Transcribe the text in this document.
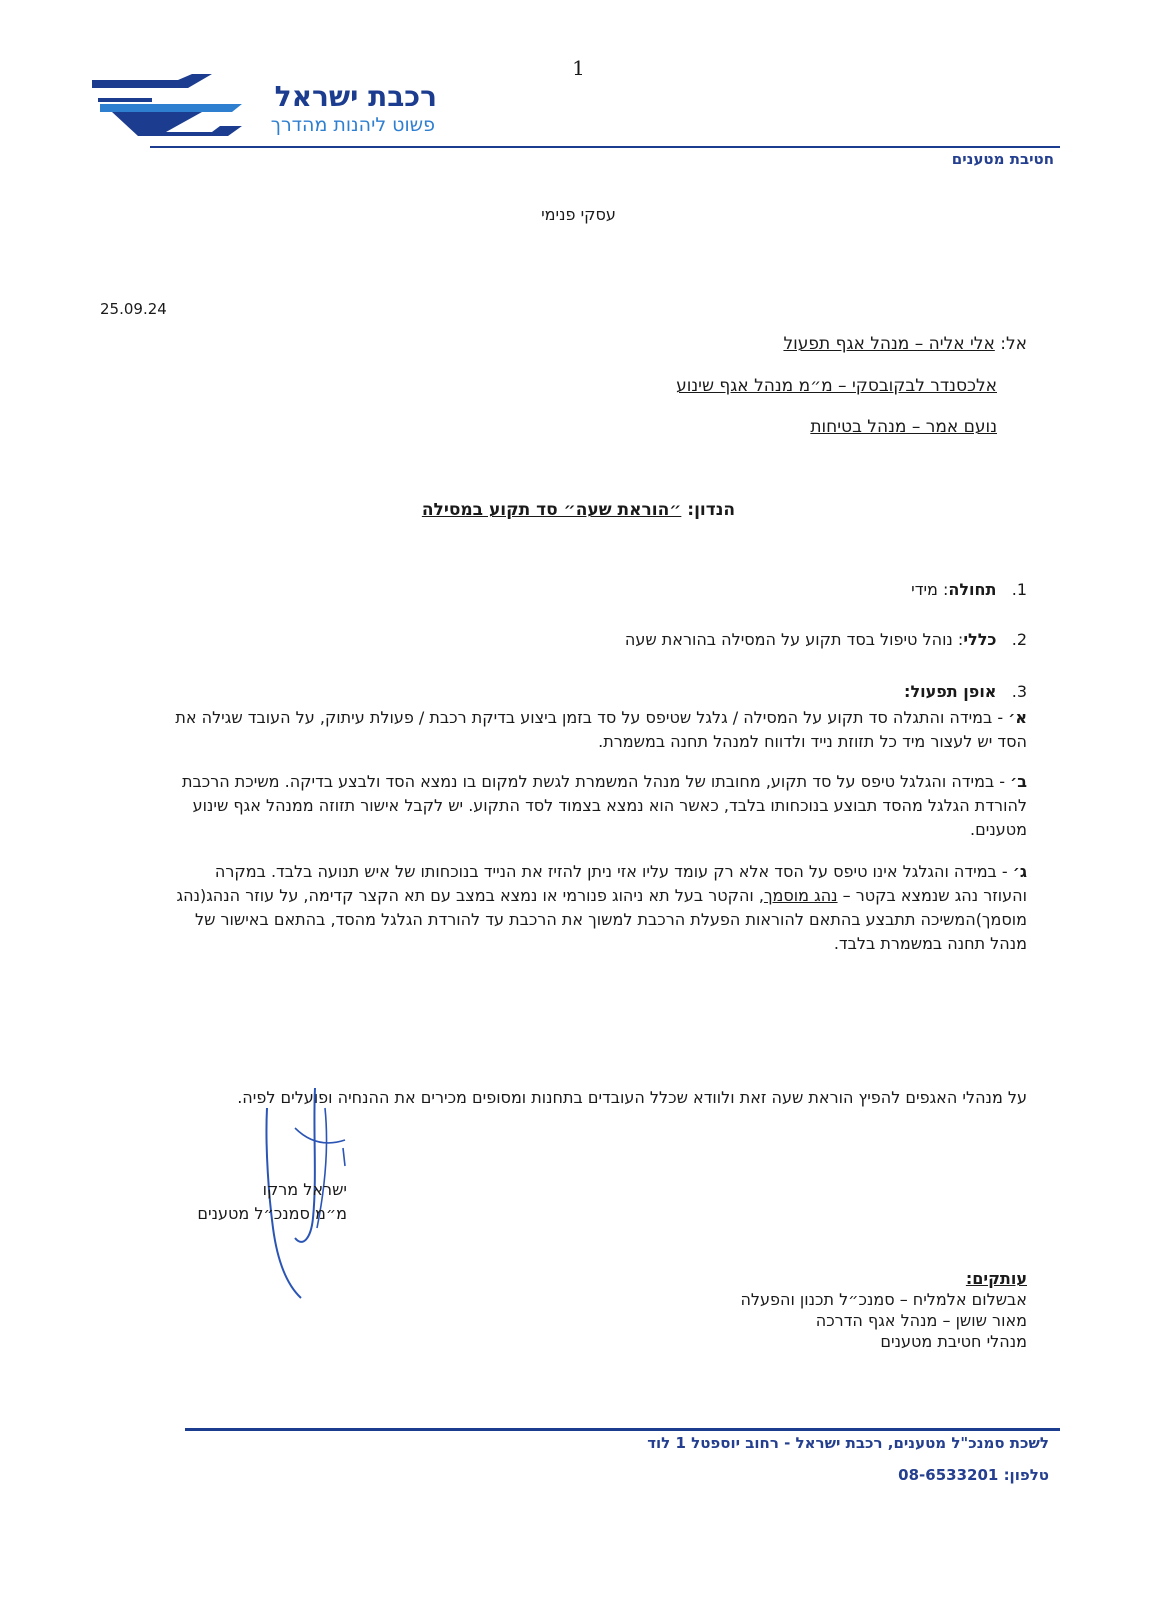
1
רכבת ישראל
פשוט ליהנות מהדרך
חטיבת מטענים
עסקי פנימי
25.09.24
אל: אלי אליה – מנהל אגף תפעול
אלכסנדר לבקובסקי – מ״מ מנהל אגף שינוע
נועם אמר – מנהל בטיחות
הנדון: ״הוראת שעה״ סד תקוע במסילה
1.   תחולה: מידי
2.   כללי: נוהל טיפול בסד תקוע על המסילה בהוראת שעה
3.   אופן תפעול:
א׳ - במידה והתגלה סד תקוע על המסילה / גלגל שטיפס על סד בזמן ביצוע בדיקת רכבת / פעולת עיתוק, על העובד שגילה את הסד יש לעצור מיד כל תזוזת נייד ולדווח למנהל תחנה במשמרת.
ב׳ - במידה והגלגל טיפס על סד תקוע, מחובתו של מנהל המשמרת לגשת למקום בו נמצא הסד ולבצע בדיקה. משיכת הרכבת להורדת הגלגל מהסד תבוצע בנוכחותו בלבד, כאשר הוא נמצא בצמוד לסד התקוע. יש לקבל אישור תזוזה ממנהל אגף שינוע מטענים.
ג׳ - במידה והגלגל אינו טיפס על הסד אלא רק עומד עליו אזי ניתן להזיז את הנייד בנוכחותו של איש תנועה בלבד. במקרה והעוזר נהג שנמצא בקטר – נהג מוסמך, והקטר בעל תא ניהוג פנורמי או נמצא במצב עם תא הקצר קדימה, על עוזר הנהג(נהג מוסמך)המשיכה תתבצע בהתאם להוראות הפעלת הרכבת למשוך את הרכבת עד להורדת הגלגל מהסד, בהתאם באישור של מנהל תחנה במשמרת בלבד.
על מנהלי האגפים להפיץ הוראת שעה זאת ולוודא שכלל העובדים בתחנות ומסופים מכירים את ההנחיה ופועלים לפיה.
ישראל מרקו
מ״מ סמנכ״ל מטענים
עותקים:
אבשלום אלמליח – סמנכ״ל תכנון והפעלה
מאור שושן – מנהל אגף הדרכה
מנהלי חטיבת מטענים
לשכת סמנכ"ל מטענים, רכבת ישראל - רחוב יוספטל 1 לוד
טלפון: 08-6533201
